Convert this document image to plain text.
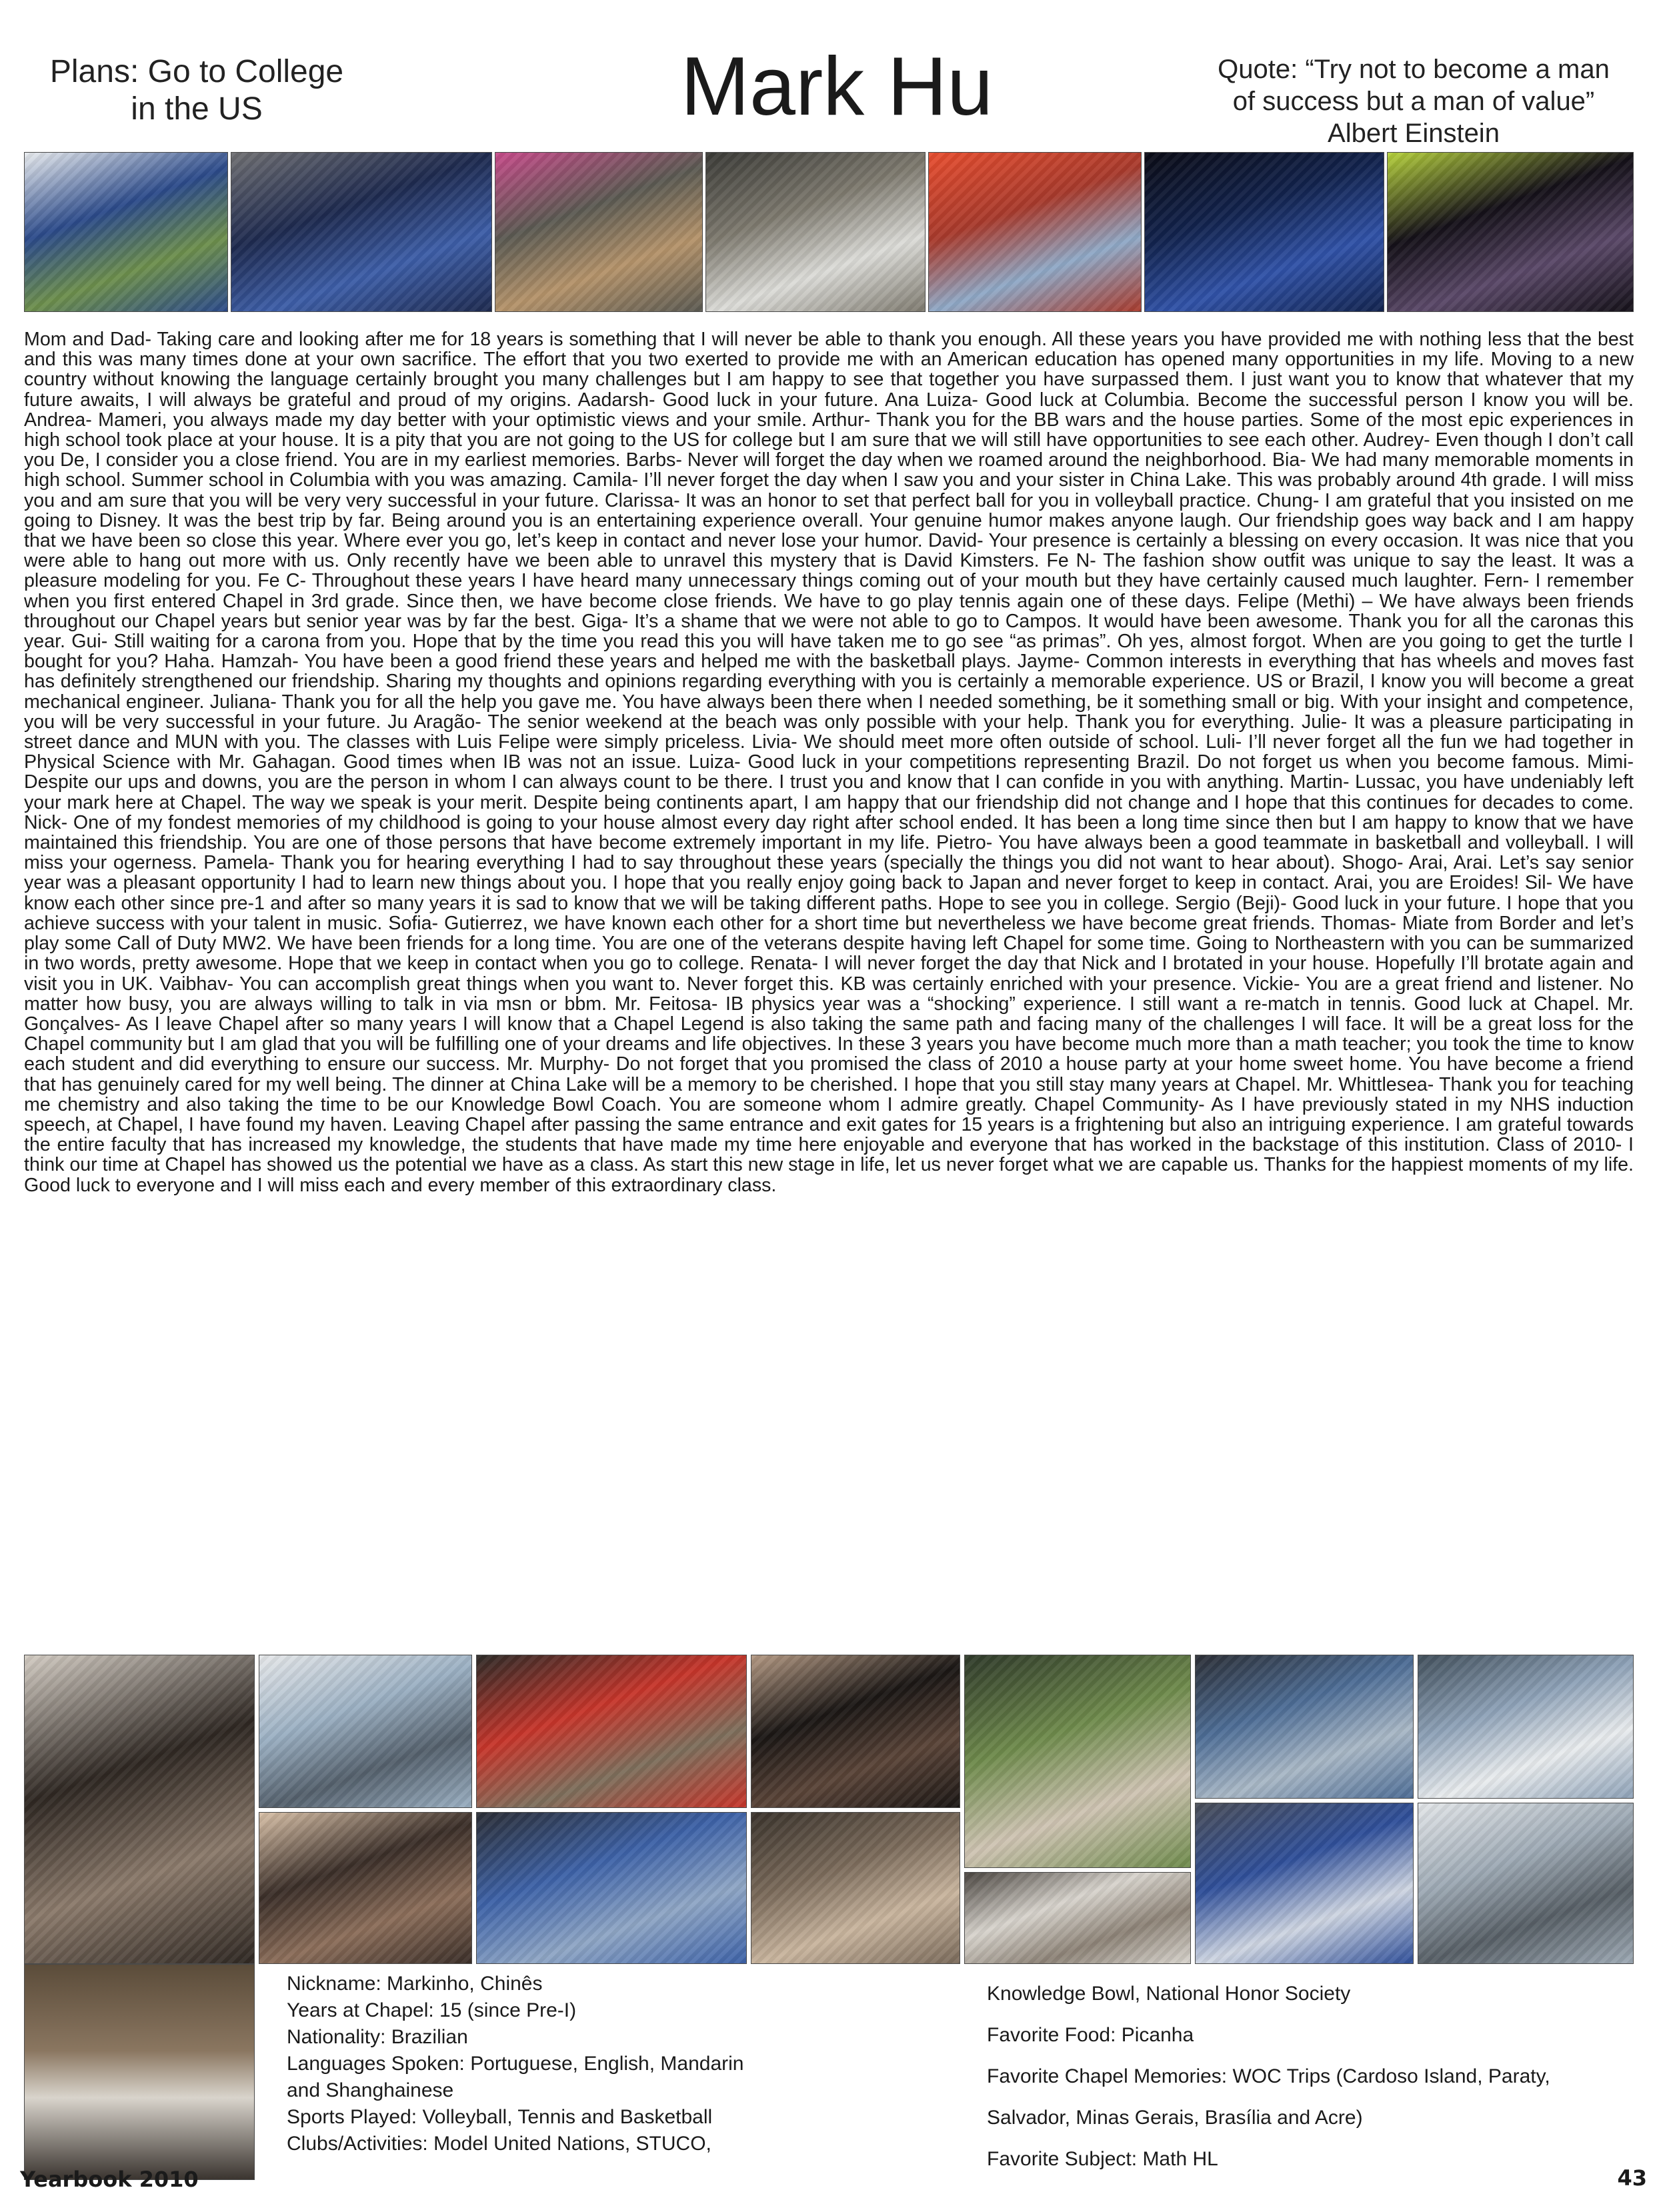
Plans: Go to College in the US	Mark Hu	Quote: “Try not to become a man of success but a man of value” Albert Einstein

Mom and Dad- Taking care and looking after me for 18 years is something that I will never be able to thank you enough. All these years you have provided me with nothing less that the best and this was many times done at your own sacrifice. The effort that you two exerted to provide me with an American education has opened many opportunities in my life. Moving to a new country without knowing the language certainly brought you many challenges but I am happy to see that together you have surpassed them. I just want you to know that whatever that my future awaits, I will always be grateful and proud of my origins. Aadarsh- Good luck in your future. Ana Luiza- Good luck at Columbia. Become the successful person I know you will be. Andrea- Mameri, you always made my day better with your optimistic views and your smile. Arthur- Thank you for the BB wars and the house parties. Some of the most epic experiences in high school took place at your house. It is a pity that you are not going to the US for college but I am sure that we will still have opportunities to see each other. Audrey- Even though I don’t call you De, I consider you a close friend. You are in my earliest memories. Barbs- Never will forget the day when we roamed around the neighborhood. Bia- We had many memorable moments in high school. Summer school in Columbia with you was amazing. Camila- I’ll never forget the day when I saw you and your sister in China Lake. This was probably around 4th grade. I will miss you and am sure that you will be very very successful in your future. Clarissa- It was an honor to set that perfect ball for you in volleyball practice. Chung- I am grateful that you insisted on me going to Disney. It was the best trip by far. Being around you is an entertaining experience overall. Your genuine humor makes anyone laugh. Our friendship goes way back and I am happy that we have been so close this year. Where ever you go, let’s keep in contact and never lose your humor. David- Your presence is certainly a blessing on every occasion. It was nice that you were able to hang out more with us. Only recently have we been able to unravel this mystery that is David Kimsters. Fe N- The fashion show outfit was unique to say the least. It was a pleasure modeling for you. Fe C- Throughout these years I have heard many unnecessary things coming out of your mouth but they have certainly caused much laughter. Fern- I remember when you first entered Chapel in 3rd grade. Since then, we have become close friends. We have to go play tennis again one of these days. Felipe (Methi) – We have always been friends throughout our Chapel years but senior year was by far the best. Giga- It’s a shame that we were not able to go to Campos. It would have been awesome. Thank you for all the caronas this year. Gui- Still waiting for a carona from you. Hope that by the time you read this you will have taken me to go see “as primas”. Oh yes, almost forgot. When are you going to get the turtle I bought for you? Haha. Hamzah- You have been a good friend these years and helped me with the basketball plays. Jayme- Common interests in everything that has wheels and moves fast has definitely strengthened our friendship. Sharing my thoughts and opinions regarding everything with you is certainly a memorable experience. US or Brazil, I know you will become a great mechanical engineer. Juliana- Thank you for all the help you gave me. You have always been there when I needed something, be it something small or big. With your insight and competence, you will be very successful in your future. Ju Aragão- The senior weekend at the beach was only possible with your help. Thank you for everything. Julie- It was a pleasure participating in street dance and MUN with you. The classes with Luis Felipe were simply priceless. Livia- We should meet more often outside of school. Luli- I’ll never forget all the fun we had together in Physical Science with Mr. Gahagan. Good times when IB was not an issue. Luiza- Good luck in your competitions representing Brazil. Do not forget us when you become famous. Mimi- Despite our ups and downs, you are the person in whom I can always count to be there. I trust you and know that I can confide in you with anything. Martin- Lussac, you have undeniably left your mark here at Chapel. The way we speak is your merit. Despite being continents apart, I am happy that our friendship did not change and I hope that this continues for decades to come. Nick- One of my fondest memories of my childhood is going to your house almost every day right after school ended. It has been a long time since then but I am happy to know that we have maintained this friendship. You are one of those persons that have become extremely important in my life. Pietro- You have always been a good teammate in basketball and volleyball. I will miss your ogerness. Pamela- Thank you for hearing everything I had to say throughout these years (specially the things you did not want to hear about). Shogo- Arai, Arai. Let’s say senior year was a pleasant opportunity I had to learn new things about you. I hope that you really enjoy going back to Japan and never forget to keep in contact. Arai, you are Eroides! Sil- We have know each other since pre-1 and after so many years it is sad to know that we will be taking different paths. Hope to see you in college. Sergio (Beji)- Good luck in your future. I hope that you achieve success with your talent in music. Sofia- Gutierrez, we have known each other for a short time but nevertheless we have become great friends. Thomas- Miate from Border and let’s play some Call of Duty MW2. We have been friends for a long time. You are one of the veterans despite having left Chapel for some time. Going to Northeastern with you can be summarized in two words, pretty awesome. Hope that we keep in contact when you go to college. Renata- I will never forget the day that Nick and I brotated in your house. Hopefully I’ll brotate again and visit you in UK. Vaibhav- You can accomplish great things when you want to. Never forget this. KB was certainly enriched with your presence. Vickie- You are a great friend and listener. No matter how busy, you are always willing to talk in via msn or bbm. Mr. Feitosa- IB physics year was a “shocking” experience. I still want a re-match in tennis. Good luck at Chapel. Mr. Gonçalves- As I leave Chapel after so many years I will know that a Chapel Legend is also taking the same path and facing many of the challenges I will face. It will be a great loss for the Chapel community but I am glad that you will be fulfilling one of your dreams and life objectives. In these 3 years you have become much more than a math teacher; you took the time to know each student and did everything to ensure our success. Mr. Murphy- Do not forget that you promised the class of 2010 a house party at your home sweet home. You have become a friend that has genuinely cared for my well being. The dinner at China Lake will be a memory to be cherished. I hope that you still stay many years at Chapel. Mr. Whittlesea- Thank you for teaching me chemistry and also taking the time to be our Knowledge Bowl Coach. You are someone whom I admire greatly. Chapel Community- As I have previously stated in my NHS induction speech, at Chapel, I have found my haven. Leaving Chapel after passing the same entrance and exit gates for 15 years is a frightening but also an intriguing experience. I am grateful towards the entire faculty that has increased my knowledge, the students that have made my time here enjoyable and everyone that has worked in the backstage of this institution. Class of 2010- I think our time at Chapel has showed us the potential we have as a class. As start this new stage in life, let us never forget what we are capable us. Thanks for the happiest moments of my life. Good luck to everyone and I will miss each and every member of this extraordinary class.

Nickname: Markinho, Chinês
Years at Chapel: 15 (since Pre-I)
Nationality: Brazilian
Languages Spoken: Portuguese, English, Mandarin
and Shanghainese
Sports Played: Volleyball, Tennis and Basketball
Clubs/Activities: Model United Nations, STUCO,
Knowledge Bowl, National Honor Society
Favorite Food: Picanha
Favorite Chapel Memories: WOC Trips (Cardoso Island, Paraty,
Salvador, Minas Gerais, Brasília and Acre)
Favorite Subject: Math HL
Yearbook 2010	43
